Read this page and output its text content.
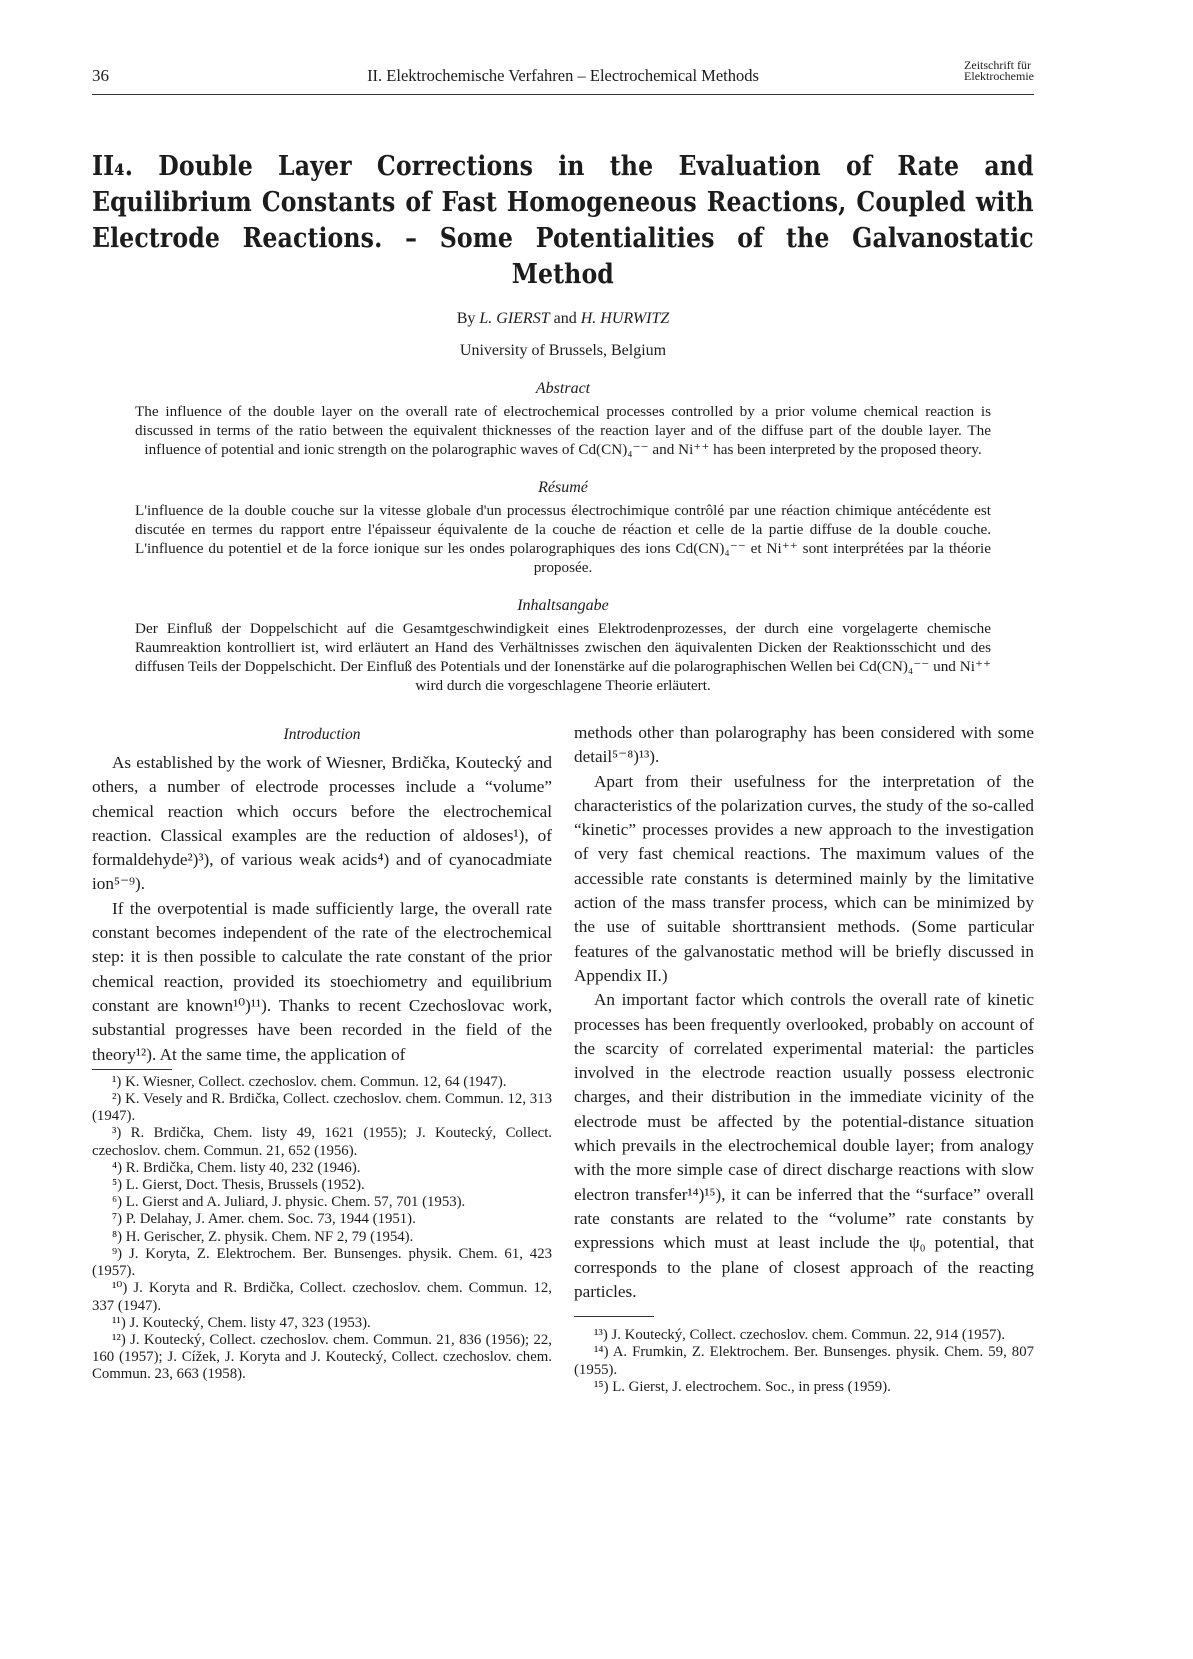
36	II. Elektrochemische Verfahren – Electrochemical Methods
Zeitschrift für
Elektrochemie
II₄. Double Layer Corrections in the Evaluation of Rate and Equilibrium Constants of Fast Homogeneous Reactions, Coupled with Electrode Reactions. – Some Potentialities of the Galvanostatic Method
By L. GIERST and H. HURWITZ
University of Brussels, Belgium
Abstract

The influence of the double layer on the overall rate of electrochemical processes controlled by a prior volume chemical reaction is discussed in terms of the ratio between the equivalent thicknesses of the reaction layer and of the diffuse part of the double layer. The influence of potential and ionic strength on the polarographic waves of Cd(CN)₄⁻⁻ and Ni⁺⁺ has been interpreted by the proposed theory.

Résumé

L'influence de la double couche sur la vitesse globale d'un processus électrochimique contrôlé par une réaction chimique antécédente est discutée en termes du rapport entre l'épaisseur équivalente de la couche de réaction et celle de la partie diffuse de la double couche. L'influence du potentiel et de la force ionique sur les ondes polarographiques des ions Cd(CN)₄⁻⁻ et Ni⁺⁺ sont interprétées par la théorie proposée.

Inhaltsangabe

Der Einfluß der Doppelschicht auf die Gesamtgeschwindigkeit eines Elektrodenprozesses, der durch eine vorgelagerte chemische Raumreaktion kontrolliert ist, wird erläutert an Hand des Verhältnisses zwischen den äquivalenten Dicken der Reaktionsschicht und des diffusen Teils der Doppelschicht. Der Einfluß des Potentials und der Ionenstärke auf die polarographischen Wellen bei Cd(CN)₄⁻⁻ und Ni⁺⁺ wird durch die vorgeschlagene Theorie erläutert.

Introduction

As established by the work of Wiesner, Brdička, Koutecký and others, a number of electrode processes include a “volume” chemical reaction which occurs before the electrochemical reaction. Classical examples are the reduction of aldoses¹), of formaldehyde²)³), of various weak acids⁴) and of cyanocadmiate ion⁵⁻⁹).

If the overpotential is made sufficiently large, the overall rate constant becomes independent of the rate of the electrochemical step: it is then possible to calculate the rate constant of the prior chemical reaction, provided its stoechiometry and equilibrium constant are known¹⁰)¹¹). Thanks to recent Czechoslovac work, substantial progresses have been recorded in the field of the theory¹²). At the same time, the application of

¹) K. Wiesner, Collect. czechoslov. chem. Commun. 12, 64 (1947).

²) K. Vesely and R. Brdička, Collect. czechoslov. chem. Commun. 12, 313 (1947).

³) R. Brdička, Chem. listy 49, 1621 (1955); J. Koutecký, Collect. czechoslov. chem. Commun. 21, 652 (1956).

⁴) R. Brdička, Chem. listy 40, 232 (1946).

⁵) L. Gierst, Doct. Thesis, Brussels (1952).

⁶) L. Gierst and A. Juliard, J. physic. Chem. 57, 701 (1953).

⁷) P. Delahay, J. Amer. chem. Soc. 73, 1944 (1951).

⁸) H. Gerischer, Z. physik. Chem. NF 2, 79 (1954).

⁹) J. Koryta, Z. Elektrochem. Ber. Bunsenges. physik. Chem. 61, 423 (1957).

¹⁰) J. Koryta and R. Brdička, Collect. czechoslov. chem. Commun. 12, 337 (1947).

¹¹) J. Koutecký, Chem. listy 47, 323 (1953).

¹²) J. Koutecký, Collect. czechoslov. chem. Commun. 21, 836 (1956); 22, 160 (1957); J. Cížek, J. Koryta and J. Koutecký, Collect. czechoslov. chem. Commun. 23, 663 (1958).

methods other than polarography has been considered with some detail⁵⁻⁸)¹³).

Apart from their usefulness for the interpretation of the characteristics of the polarization curves, the study of the so-called “kinetic” processes provides a new approach to the investigation of very fast chemical reactions. The maximum values of the accessible rate constants is determined mainly by the limitative action of the mass transfer process, which can be minimized by the use of suitable shorttransient methods. (Some particular features of the galvanostatic method will be briefly discussed in Appendix II.)

An important factor which controls the overall rate of kinetic processes has been frequently overlooked, probably on account of the scarcity of correlated experimental material: the particles involved in the electrode reaction usually possess electronic charges, and their distribution in the immediate vicinity of the electrode must be affected by the potential-distance situation which prevails in the electrochemical double layer; from analogy with the more simple case of direct discharge reactions with slow electron transfer¹⁴)¹⁵), it can be inferred that the “surface” overall rate constants are related to the “volume” rate constants by expressions which must at least include the ψ₀ potential, that corresponds to the plane of closest approach of the reacting particles.

¹³) J. Koutecký, Collect. czechoslov. chem. Commun. 22, 914 (1957).

¹⁴) A. Frumkin, Z. Elektrochem. Ber. Bunsenges. physik. Chem. 59, 807 (1955).

¹⁵) L. Gierst, J. electrochem. Soc., in press (1959).
